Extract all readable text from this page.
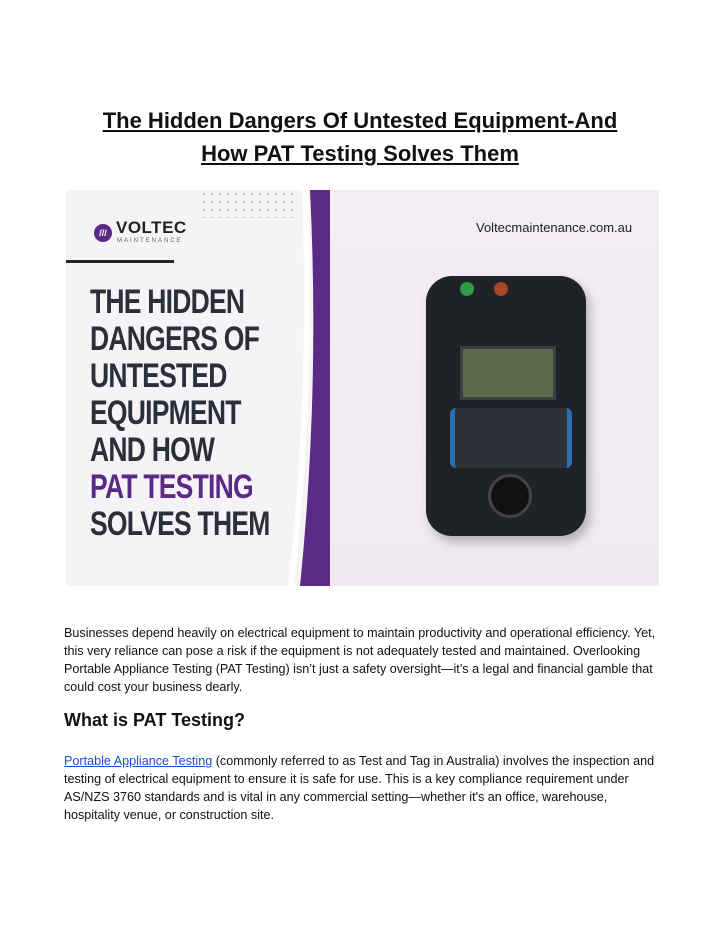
The Hidden Dangers Of Untested Equipment-And
How PAT Testing Solves Them
/// VOLTEC
MAINTENANCE
THE HIDDEN
DANGERS OF
UNTESTED
EQUIPMENT
AND HOW
PAT TESTING
SOLVES THEM
Voltecmaintenance.com.au
Businesses depend heavily on electrical equipment to maintain productivity and operational efficiency. Yet, this very reliance can pose a risk if the equipment is not adequately tested and maintained. Overlooking Portable Appliance Testing (PAT Testing) isn’t just a safety oversight—it’s a legal and financial gamble that could cost your business dearly.
What is PAT Testing?
Portable Appliance Testing (commonly referred to as Test and Tag in Australia) involves the inspection and testing of electrical equipment to ensure it is safe for use. This is a key compliance requirement under AS/NZS 3760 standards and is vital in any commercial setting—whether it's an office, warehouse, hospitality venue, or construction site.
